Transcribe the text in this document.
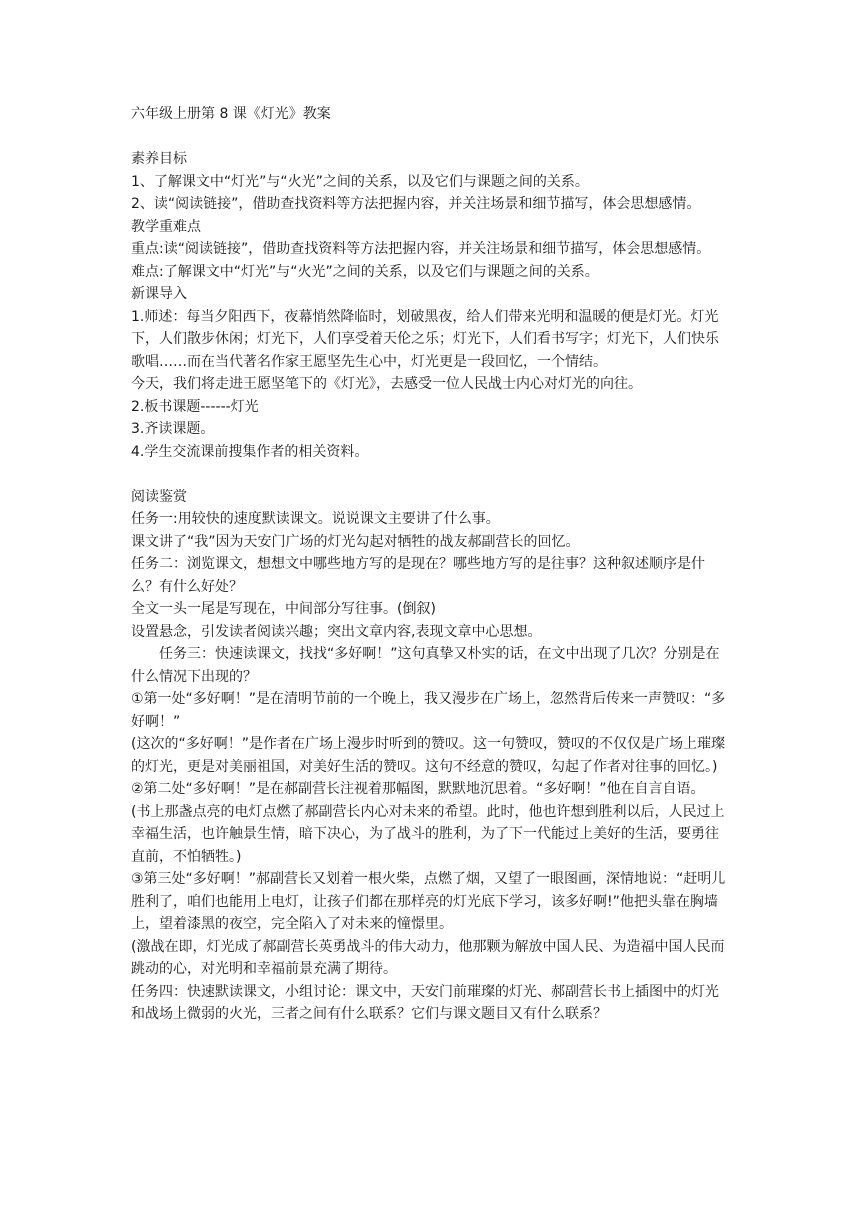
六年级上册第 8 课《灯光》教案
素养目标
1、了解课文中“灯光”与“火光”之间的关系，以及它们与课题之间的关系。
2、读“阅读链接”，借助查找资料等方法把握内容，并关注场景和细节描写，体会思想感情。
教学重难点
重点:读“阅读链接”，借助查找资料等方法把握内容，并关注场景和细节描写，体会思想感情。
难点:了解课文中“灯光”与“火光”之间的关系，以及它们与课题之间的关系。
新课导入
1.师述：每当夕阳西下，夜幕悄然降临时，划破黑夜，给人们带来光明和温暖的便是灯光。灯光下，人们散步休闲；灯光下，人们享受着天伦之乐；灯光下，人们看书写字；灯光下，人们快乐歌唱……而在当代著名作家王愿坚先生心中，灯光更是一段回忆，一个情结。
今天，我们将走进王愿坚笔下的《灯光》，去感受一位人民战士内心对灯光的向往。
2.板书课题------灯光
3.齐读课题。
4.学生交流课前搜集作者的相关资料。
阅读鉴赏
任务一:用较快的速度默读课文。说说课文主要讲了什么事。
课文讲了“我”因为天安门广场的灯光勾起对牺牲的战友郝副营长的回忆。
任务二：浏览课文，想想文中哪些地方写的是现在？哪些地方写的是往事？这种叙述顺序是什么？有什么好处？
全文一头一尾是写现在，中间部分写往事。(倒叙)
设置悬念，引发读者阅读兴趣；突出文章内容,表现文章中心思想。
任务三：快速读课文，找找“多好啊！”这句真挚又朴实的话，在文中出现了几次？分别是在什么情况下出现的？
①第一处“多好啊！”是在清明节前的一个晚上，我又漫步在广场上，忽然背后传来一声赞叹：“多好啊！”
(这次的“多好啊！”是作者在广场上漫步时听到的赞叹。这一句赞叹，赞叹的不仅仅是广场上璀璨的灯光，更是对美丽祖国，对美好生活的赞叹。这句不经意的赞叹，勾起了作者对往事的回忆。)
②第二处“多好啊！”是在郝副营长注视着那幅图，默默地沉思着。“多好啊！”他在自言自语。
(书上那盏点亮的电灯点燃了郝副营长内心对未来的希望。此时，他也许想到胜利以后，人民过上幸福生活，也许触景生情，暗下决心，为了战斗的胜利，为了下一代能过上美好的生活，要勇往直前，不怕牺牲。)
③第三处“多好啊！”郝副营长又划着一根火柴，点燃了烟，又望了一眼图画，深情地说：“赶明儿胜利了，咱们也能用上电灯，让孩子们都在那样亮的灯光底下学习，该多好啊!”他把头靠在胸墙上，望着漆黑的夜空，完全陷入了对未来的憧憬里。
(激战在即，灯光成了郝副营长英勇战斗的伟大动力，他那颗为解放中国人民、为造福中国人民而跳动的心，对光明和幸福前景充满了期待。
任务四：快速默读课文，小组讨论：课文中，天安门前璀璨的灯光、郝副营长书上插图中的灯光和战场上微弱的火光，三者之间有什么联系？它们与课文题目又有什么联系？
